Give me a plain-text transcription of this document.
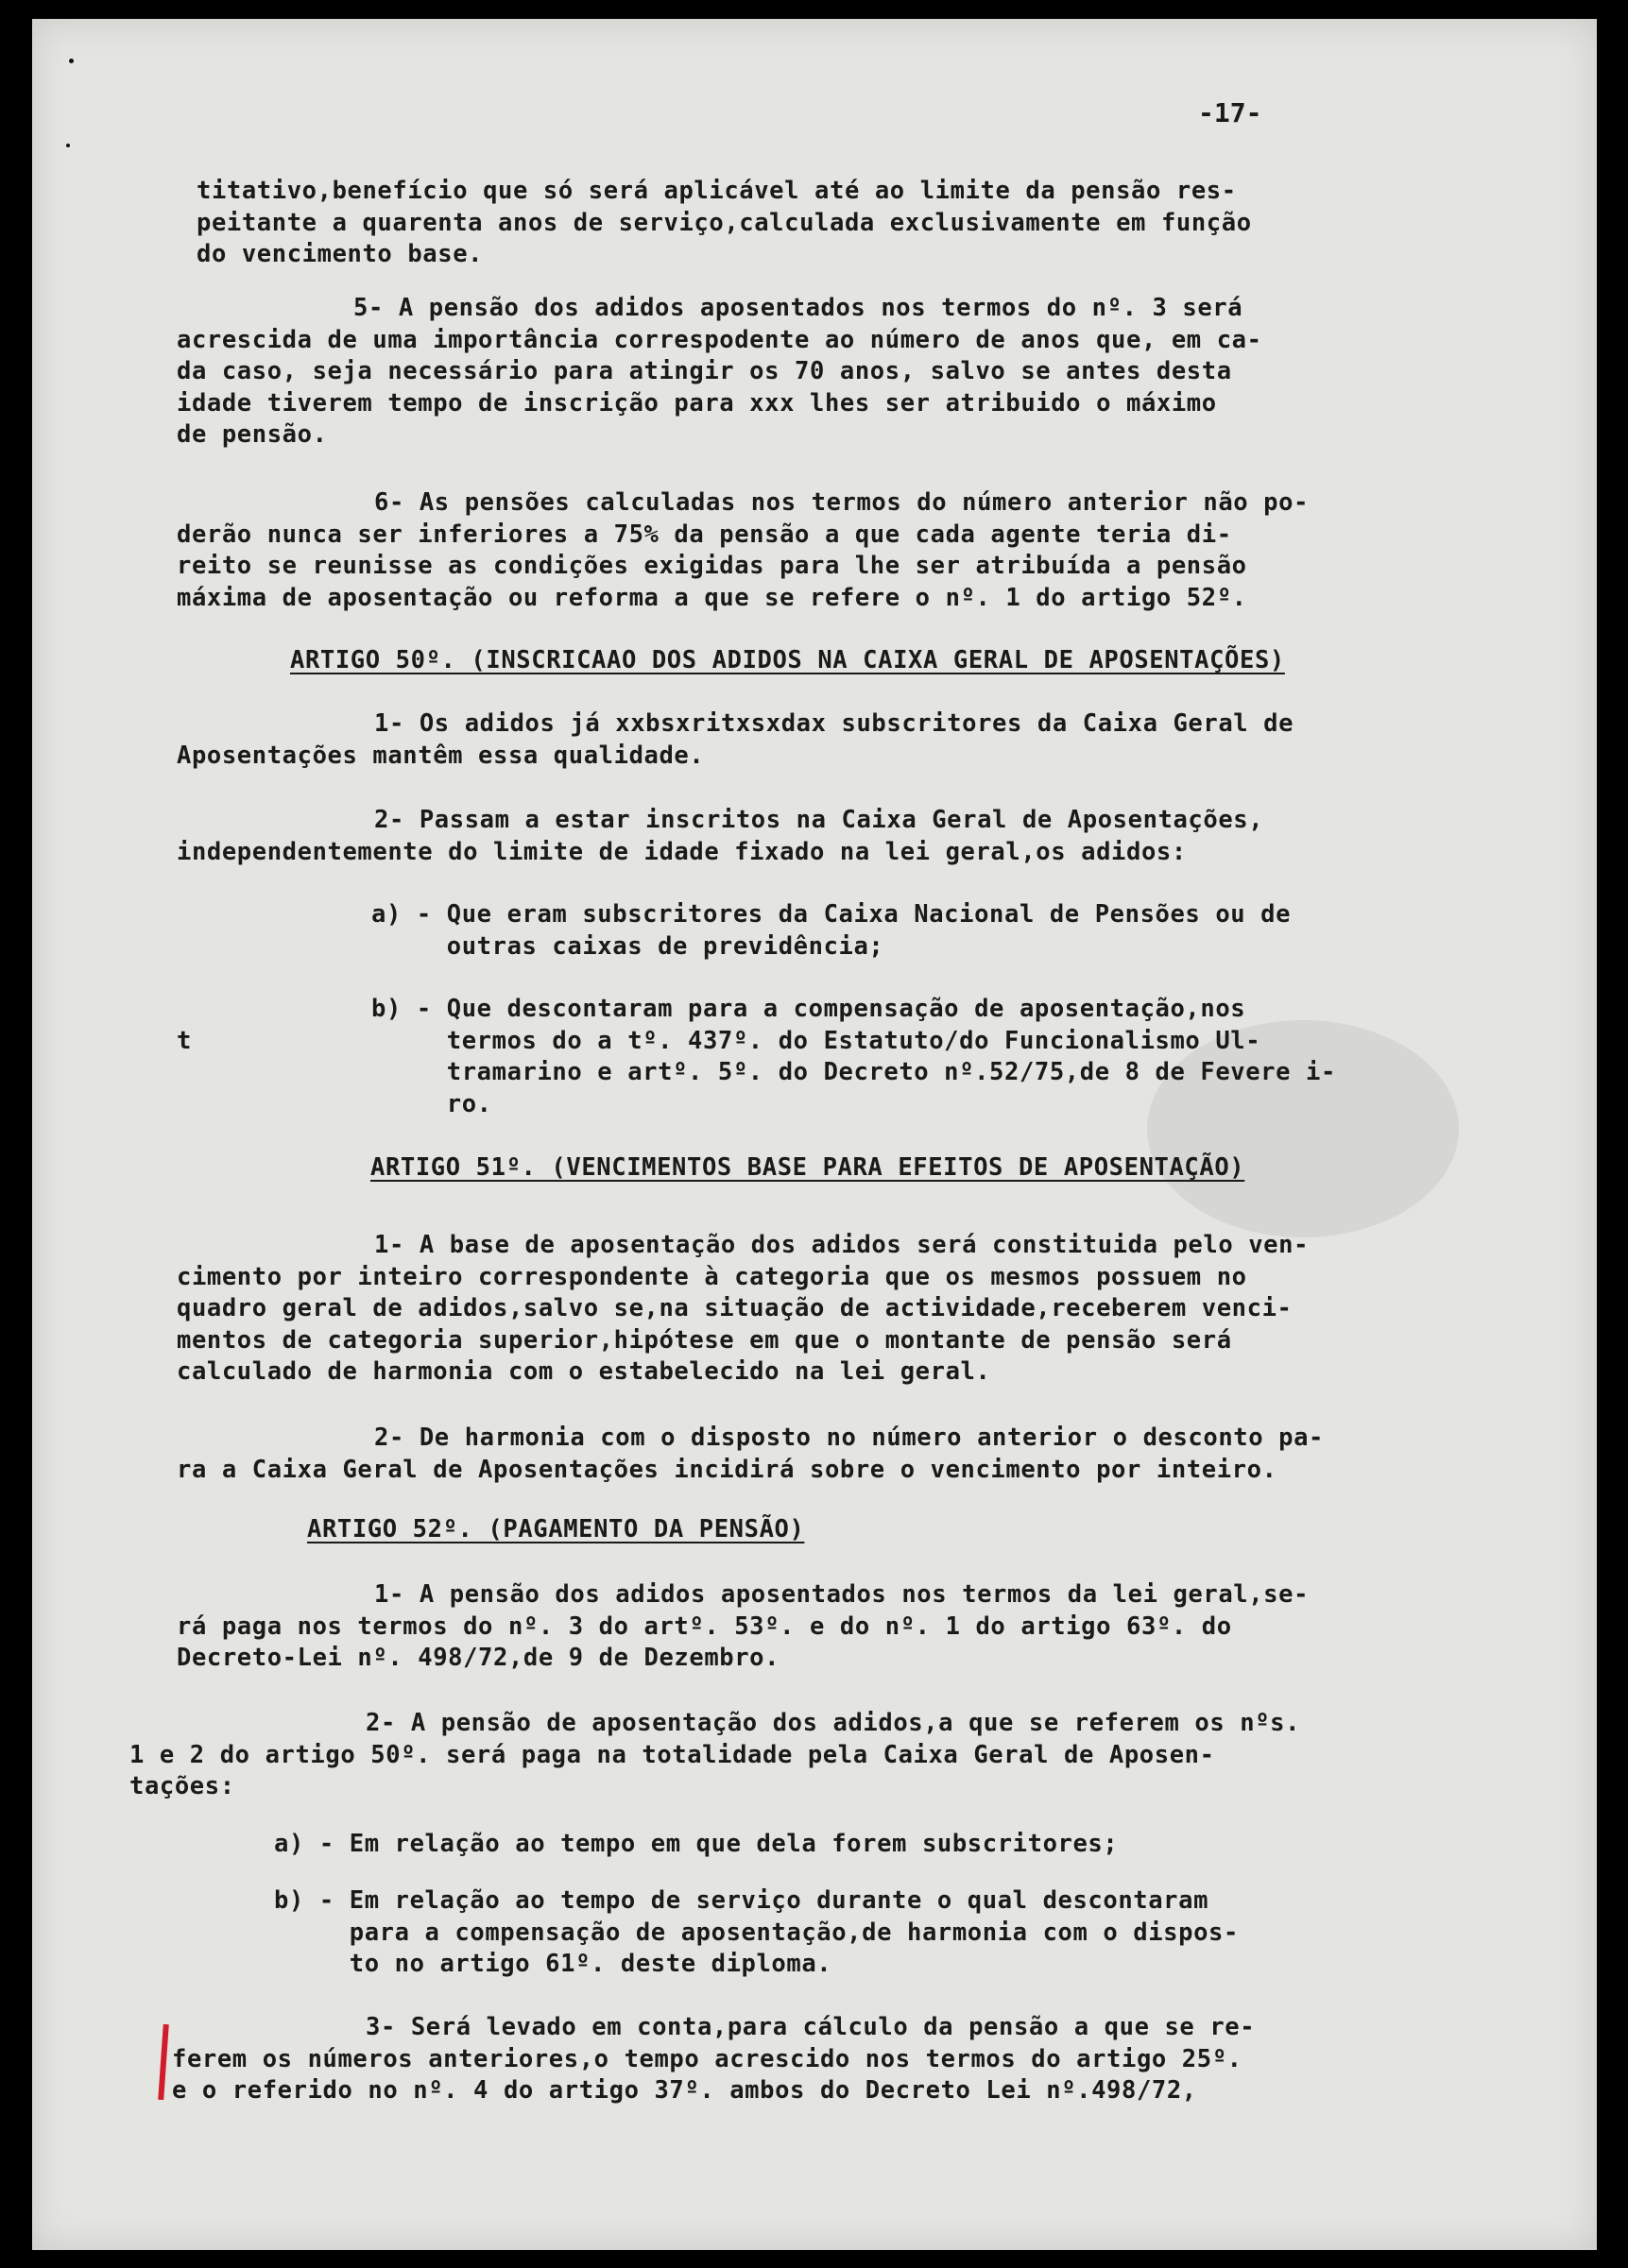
-17-
titativo,benefício que só será aplicável até ao limite da pensão res-
peitante a quarenta anos de serviço,calculada exclusivamente em função
do vencimento base.
5- A pensão dos adidos aposentados nos termos do nº. 3 será
acrescida de uma importância correspodente ao número de anos que, em ca-
da caso, seja necessário para atingir os 70 anos, salvo se antes desta
idade tiverem tempo de inscrição para xxx lhes ser atribuido o máximo
de pensão.
6- As pensões calculadas nos termos do número anterior não po-
derão nunca ser inferiores a 75% da pensão a que cada agente teria di-
reito se reunisse as condições exigidas para lhe ser atribuída a pensão
máxima de aposentação ou reforma a que se refere o nº. 1 do artigo 52º.
ARTIGO 50º. (INSCRICAAO DOS ADIDOS NA CAIXA GERAL DE APOSENTAÇÕES)
1- Os adidos já xxbsxritxsxdax subscritores da Caixa Geral de
Aposentações mantêm essa qualidade.
2- Passam a estar inscritos na Caixa Geral de Aposentações,
independentemente do limite de idade fixado na lei geral,os adidos:
a) - Que eram subscritores da Caixa Nacional de Pensões ou de
outras caixas de previdência;
b) - Que descontaram para a compensação de aposentação,nos
termos do a tº. 437º. do Estatuto/do Funcionalismo Ul-
tramarino e artº. 5º. do Decreto nº.52/75,de 8 de Fevere i-
ro.
t
ARTIGO 51º. (VENCIMENTOS BASE PARA EFEITOS DE APOSENTAÇÃO)
1- A base de aposentação dos adidos será constituida pelo ven-
cimento por inteiro correspondente à categoria que os mesmos possuem no
quadro geral de adidos,salvo se,na situação de actividade,receberem venci-
mentos de categoria superior,hipótese em que o montante de pensão será
calculado de harmonia com o estabelecido na lei geral.
2- De harmonia com o disposto no número anterior o desconto pa-
ra a Caixa Geral de Aposentações incidirá sobre o vencimento por inteiro.
ARTIGO 52º. (PAGAMENTO DA PENSÃO)
1- A pensão dos adidos aposentados nos termos da lei geral,se-
rá paga nos termos do nº. 3 do artº. 53º. e do nº. 1 do artigo 63º. do
Decreto-Lei nº. 498/72,de 9 de Dezembro.
2- A pensão de aposentação dos adidos,a que se referem os nºs.
1 e 2 do artigo 50º. será paga na totalidade pela Caixa Geral de Aposen-
tações:
a) - Em relação ao tempo em que dela forem subscritores;
b) - Em relação ao tempo de serviço durante o qual descontaram
para a compensação de aposentação,de harmonia com o dispos-
to no artigo 61º. deste diploma.
3- Será levado em conta,para cálculo da pensão a que se re-
ferem os números anteriores,o tempo acrescido nos termos do artigo 25º.
e o referido no nº. 4 do artigo 37º. ambos do Decreto Lei nº.498/72,
